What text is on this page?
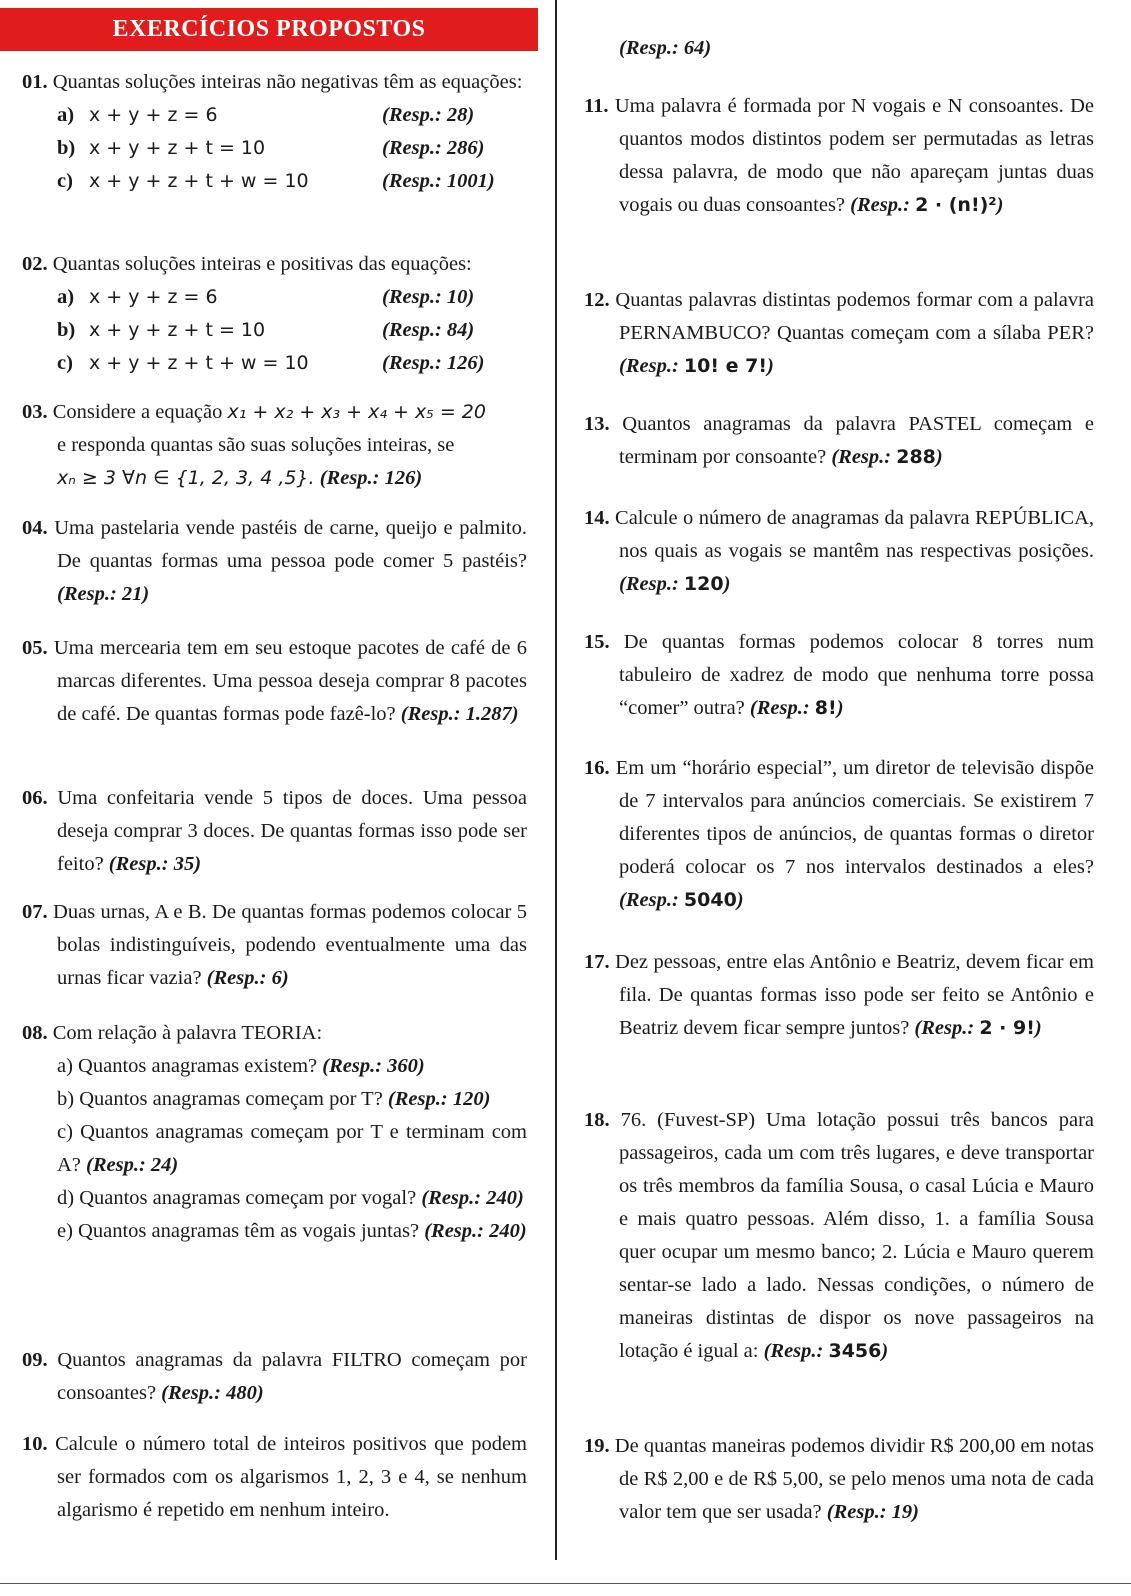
EXERCÍCIOS PROPOSTOS
01. Quantas soluções inteiras não negativas têm as equações:
a) x + y + z = 6	(Resp.: 28)
b) x + y + z + t = 10	(Resp.: 286)
c) x + y + z + t + w = 10	(Resp.: 1001)
02. Quantas soluções inteiras e positivas das equações:
a) x + y + z = 6	(Resp.: 10)
b) x + y + z + t = 10	(Resp.: 84)
c) x + y + z + t + w = 10	(Resp.: 126)
03. Considere a equação x₁ + x₂ + x₃ + x₄ + x₅ = 20
e responda quantas são suas soluções inteiras, se
xₙ ≥ 3 ∀n ∈ {1, 2, 3, 4 ,5}. (Resp.: 126)
04. Uma pastelaria vende pastéis de carne, queijo e palmito. De quantas formas uma pessoa pode comer 5 pastéis? (Resp.: 21)
05. Uma mercearia tem em seu estoque pacotes de café de 6 marcas diferentes. Uma pessoa deseja comprar 8 pacotes de café. De quantas formas pode fazê-lo? (Resp.: 1.287)
06. Uma confeitaria vende 5 tipos de doces. Uma pessoa deseja comprar 3 doces. De quantas formas isso pode ser feito? (Resp.: 35)
07. Duas urnas, A e B. De quantas formas podemos colocar 5 bolas indistinguíveis, podendo eventualmente uma das urnas ficar vazia? (Resp.: 6)
08. Com relação à palavra TEORIA:
a) Quantos anagramas existem? (Resp.: 360)
b) Quantos anagramas começam por T? (Resp.: 120)
c) Quantos anagramas começam por T e terminam com A? (Resp.: 24)
d) Quantos anagramas começam por vogal? (Resp.: 240)
e) Quantos anagramas têm as vogais juntas? (Resp.: 240)
09. Quantos anagramas da palavra FILTRO começam por consoantes? (Resp.: 480)
10. Calcule o número total de inteiros positivos que podem ser formados com os algarismos 1, 2, 3 e 4, se nenhum algarismo é repetido em nenhum inteiro.
(Resp.: 64)
11. Uma palavra é formada por N vogais e N consoantes. De quantos modos distintos podem ser permutadas as letras dessa palavra, de modo que não apareçam juntas duas vogais ou duas consoantes? (Resp.: 2 · (n!)²)
12. Quantas palavras distintas podemos formar com a palavra PERNAMBUCO? Quantas começam com a sílaba PER? (Resp.: 10! e 7!)
13. Quantos anagramas da palavra PASTEL começam e terminam por consoante? (Resp.: 288)
14. Calcule o número de anagramas da palavra REPÚBLICA, nos quais as vogais se mantêm nas respectivas posições. (Resp.: 120)
15. De quantas formas podemos colocar 8 torres num tabuleiro de xadrez de modo que nenhuma torre possa “comer” outra? (Resp.: 8!)
16. Em um “horário especial”, um diretor de televisão dispõe de 7 intervalos para anúncios comerciais. Se existirem 7 diferentes tipos de anúncios, de quantas formas o diretor poderá colocar os 7 nos intervalos destinados a eles? (Resp.: 5040)
17. Dez pessoas, entre elas Antônio e Beatriz, devem ficar em fila. De quantas formas isso pode ser feito se Antônio e Beatriz devem ficar sempre juntos? (Resp.: 2 · 9!)
18. 76. (Fuvest-SP) Uma lotação possui três bancos para passageiros, cada um com três lugares, e deve transportar os três membros da família Sousa, o casal Lúcia e Mauro e mais quatro pessoas. Além disso, 1. a família Sousa quer ocupar um mesmo banco; 2. Lúcia e Mauro querem sentar-se lado a lado. Nessas condições, o número de maneiras distintas de dispor os nove passageiros na lotação é igual a: (Resp.: 3456)
19. De quantas maneiras podemos dividir R$ 200,00 em notas de R$ 2,00 e de R$ 5,00, se pelo menos uma nota de cada valor tem que ser usada? (Resp.: 19)
